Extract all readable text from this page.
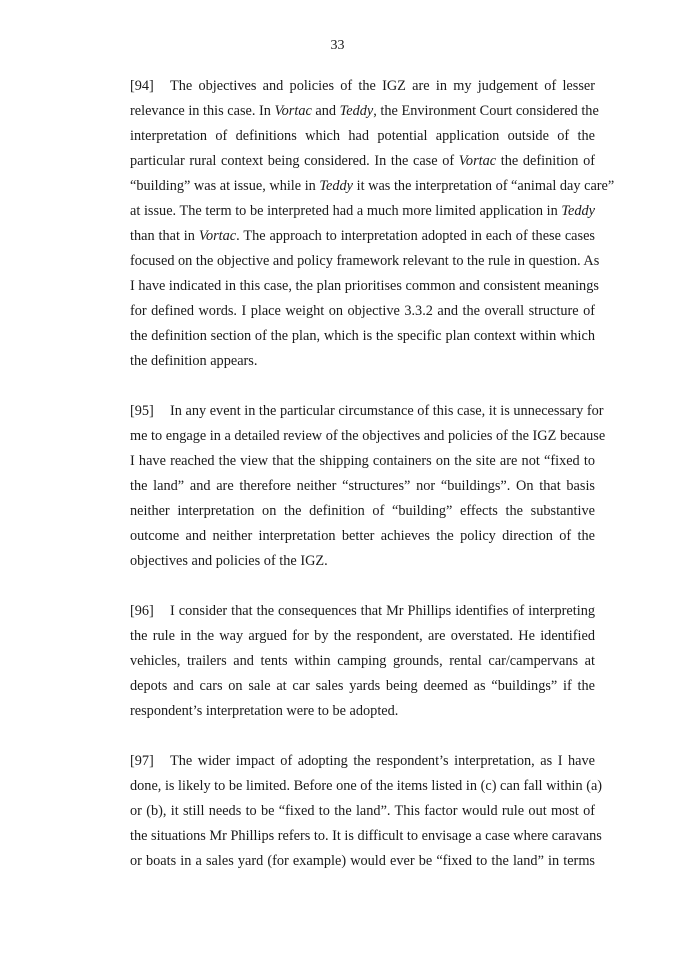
33
[94] The objectives and policies of the IGZ are in my judgement of lesser
relevance in this case. In Vortac and Teddy, the Environment Court considered the
interpretation of definitions which had potential application outside of the
particular rural context being considered. In the case of Vortac the definition of
“building” was at issue, while in Teddy it was the interpretation of “animal day care”
at issue. The term to be interpreted had a much more limited application in Teddy
than that in Vortac. The approach to interpretation adopted in each of these cases
focused on the objective and policy framework relevant to the rule in question. As
I have indicated in this case, the plan prioritises common and consistent meanings
for defined words. I place weight on objective 3.3.2 and the overall structure of
the definition section of the plan, which is the specific plan context within which
the definition appears.
[95] In any event in the particular circumstance of this case, it is unnecessary for
me to engage in a detailed review of the objectives and policies of the IGZ because
I have reached the view that the shipping containers on the site are not “fixed to
the land” and are therefore neither “structures” nor “buildings”. On that basis
neither interpretation on the definition of “building” effects the substantive
outcome and neither interpretation better achieves the policy direction of the
objectives and policies of the IGZ.
[96] I consider that the consequences that Mr Phillips identifies of interpreting
the rule in the way argued for by the respondent, are overstated. He identified
vehicles, trailers and tents within camping grounds, rental car/campervans at
depots and cars on sale at car sales yards being deemed as “buildings” if the
respondent’s interpretation were to be adopted.
[97] The wider impact of adopting the respondent’s interpretation, as I have
done, is likely to be limited. Before one of the items listed in (c) can fall within (a)
or (b), it still needs to be “fixed to the land”. This factor would rule out most of
the situations Mr Phillips refers to. It is difficult to envisage a case where caravans
or boats in a sales yard (for example) would ever be “fixed to the land” in terms
